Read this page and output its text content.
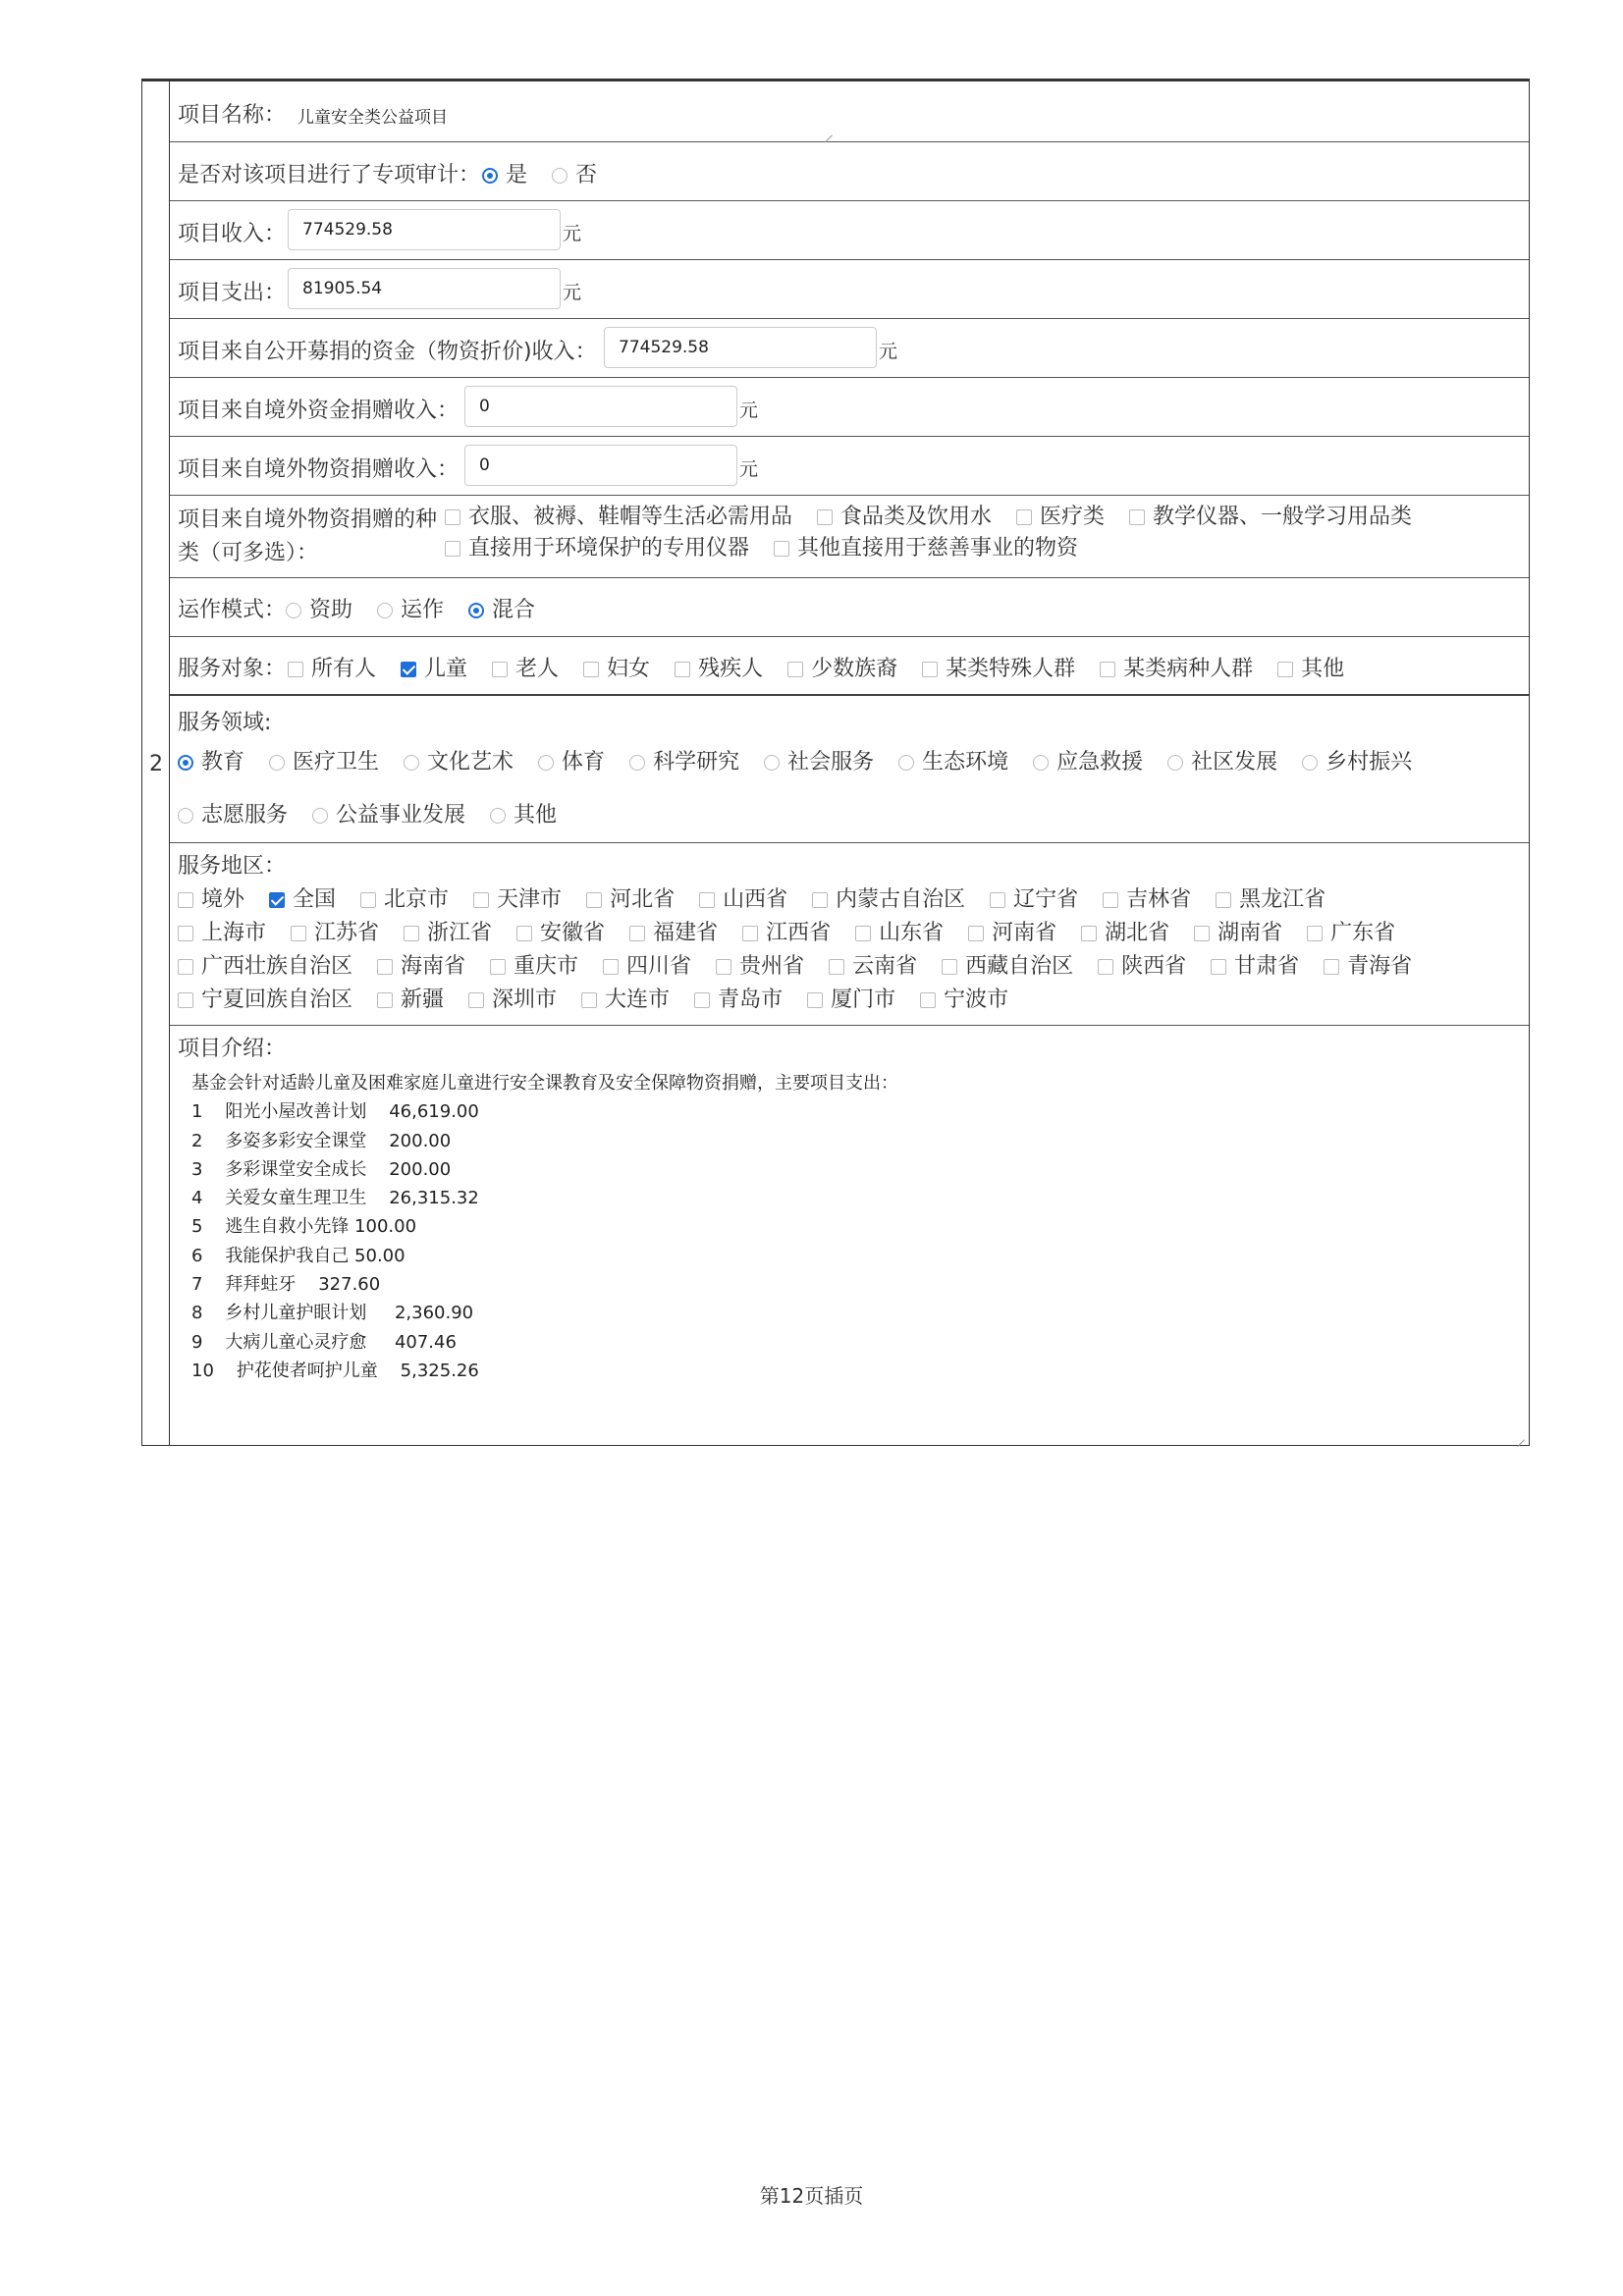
2
项目名称： 儿童安全类公益项目
是否对该项目进行了专项审计：	是 否
项目收入： 774529.58	元
项目支出： 81905.54	元
项目来自公开募捐的资金（物资折价)收入：	774529.58	元
项目来自境外资金捐赠收入：	0	元
项目来自境外物资捐赠收入：	0	元
项目来自境外物资捐赠的种
类（可多选）：
衣服、被褥、鞋帽等生活必需用品 食品类及饮用水 医疗类 教学仪器、一般学习用品类
直接用于环境保护的专用仪器 其他直接用于慈善事业的物资
运作模式：	资助 运作 混合
服务对象：	所有人 儿童 老人 妇女 残疾人 少数族裔 某类特殊人群 某类病种人群 其他
服务领域:
教育 医疗卫生 文化艺术 体育 科学研究 社会服务 生态环境 应急救援 社区发展 乡村振兴
志愿服务 公益事业发展 其他
服务地区：
境外 全国 北京市 天津市 河北省 山西省 内蒙古自治区 辽宁省 吉林省 黑龙江省
上海市 江苏省 浙江省 安徽省 福建省 江西省 山东省 河南省 湖北省 湖南省 广东省
广西壮族自治区 海南省 重庆市 四川省 贵州省 云南省 西藏自治区 陕西省 甘肃省 青海省
宁夏回族自治区 新疆 深圳市 大连市 青岛市 厦门市 宁波市
项目介绍：
基金会针对适龄儿童及困难家庭儿童进行安全课教育及安全保障物资捐赠，主要项目支出：
1    阳光小屋改善计划    46,619.00
2    多姿多彩安全课堂    200.00
3    多彩课堂安全成长    200.00
4    关爱女童生理卫生    26,315.32
5    逃生自救小先锋 100.00
6    我能保护我自己 50.00
7    拜拜蛀牙    327.60
8    乡村儿童护眼计划     2,360.90
9    大病儿童心灵疗愈     407.46
10    护花使者呵护儿童    5,325.26
第12页插页
